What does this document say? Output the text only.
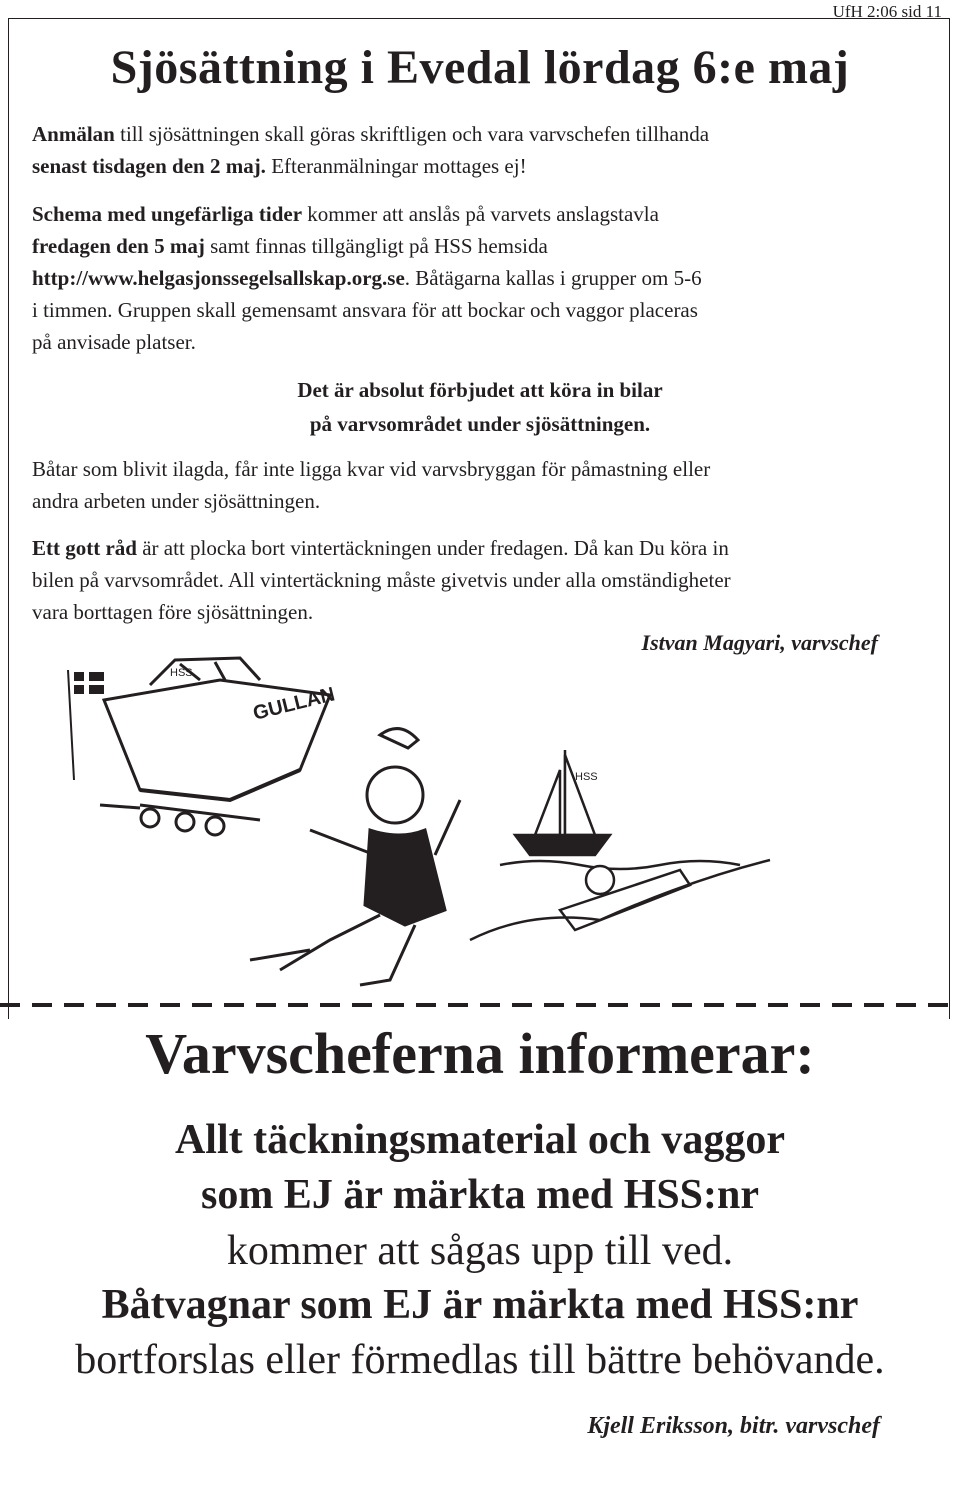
UfH 2:06 sid 11
Sjösättning i Evedal lördag 6:e maj
Anmälan till sjösättningen skall göras skriftligen och vara varvschefen tillhanda
senast tisdagen den 2 maj. Efteranmälningar mottages ej!
Schema med ungefärliga tider kommer att anslås på varvets anslagstavla
fredagen den 5 maj samt finnas tillgängligt på HSS hemsida
http://www.helgasjonssegelsallskap.org.se. Båtägarna kallas i grupper om 5-6
i timmen. Gruppen skall gemensamt ansvara för att bockar och vaggor placeras
på anvisade platser.
Det är absolut förbjudet att köra in bilar
på varvsområdet under sjösättningen.
Båtar som blivit ilagda, får inte ligga kvar vid varvsbryggan för påmastning eller
andra arbeten under sjösättningen.
Ett gott råd är att plocka bort vintertäckningen under fredagen. Då kan Du köra in
bilen på varvsområdet. All vintertäckning måste givetvis under alla omständigheter
vara borttagen före sjösättningen.
Istvan Magyari, varvschef
GULLAN
HSS
HSS
Varvscheferna informerar:
Allt täckningsmaterial och vaggor
som EJ är märkta med HSS:nr
kommer att sågas upp till ved.
Båtvagnar som EJ är märkta med HSS:nr
bortforslas eller förmedlas till bättre behövande.
Kjell Eriksson, bitr. varvschef
